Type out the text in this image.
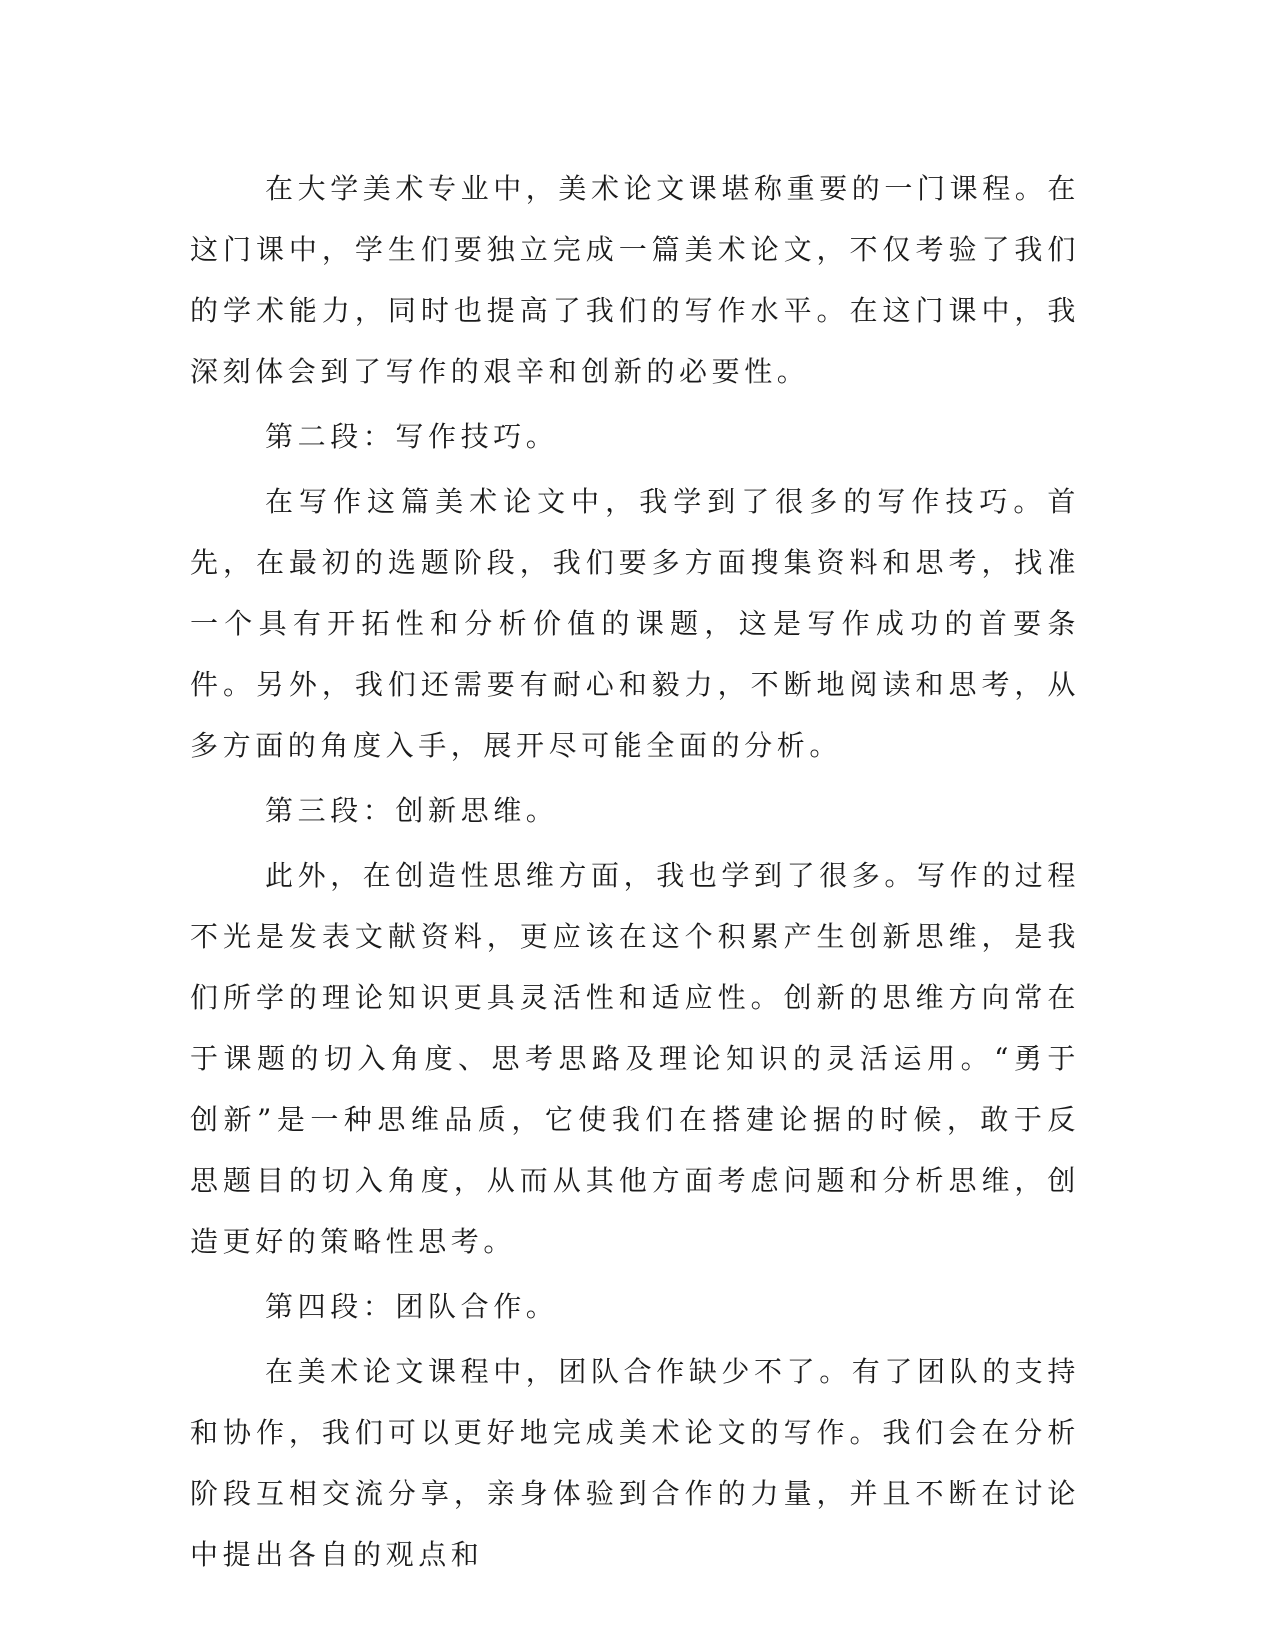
在大学美术专业中，美术论文课堪称重要的一门课程。在这门课中，学生们要独立完成一篇美术论文，不仅考验了我们的学术能力，同时也提高了我们的写作水平。在这门课中，我深刻体会到了写作的艰辛和创新的必要性。

第二段：写作技巧。

在写作这篇美术论文中，我学到了很多的写作技巧。首先，在最初的选题阶段，我们要多方面搜集资料和思考，找准一个具有开拓性和分析价值的课题，这是写作成功的首要条件。另外，我们还需要有耐心和毅力，不断地阅读和思考，从多方面的角度入手，展开尽可能全面的分析。

第三段：创新思维。

此外，在创造性思维方面，我也学到了很多。写作的过程不光是发表文献资料，更应该在这个积累产生创新思维，是我们所学的理论知识更具灵活性和适应性。创新的思维方向常在于课题的切入角度、思考思路及理论知识的灵活运用。“勇于创新”是一种思维品质，它使我们在搭建论据的时候，敢于反思题目的切入角度，从而从其他方面考虑问题和分析思维，创造更好的策略性思考。

第四段：团队合作。

在美术论文课程中，团队合作缺少不了。有了团队的支持和协作，我们可以更好地完成美术论文的写作。我们会在分析阶段互相交流分享，亲身体验到合作的力量，并且不断在讨论中提出各自的观点和
